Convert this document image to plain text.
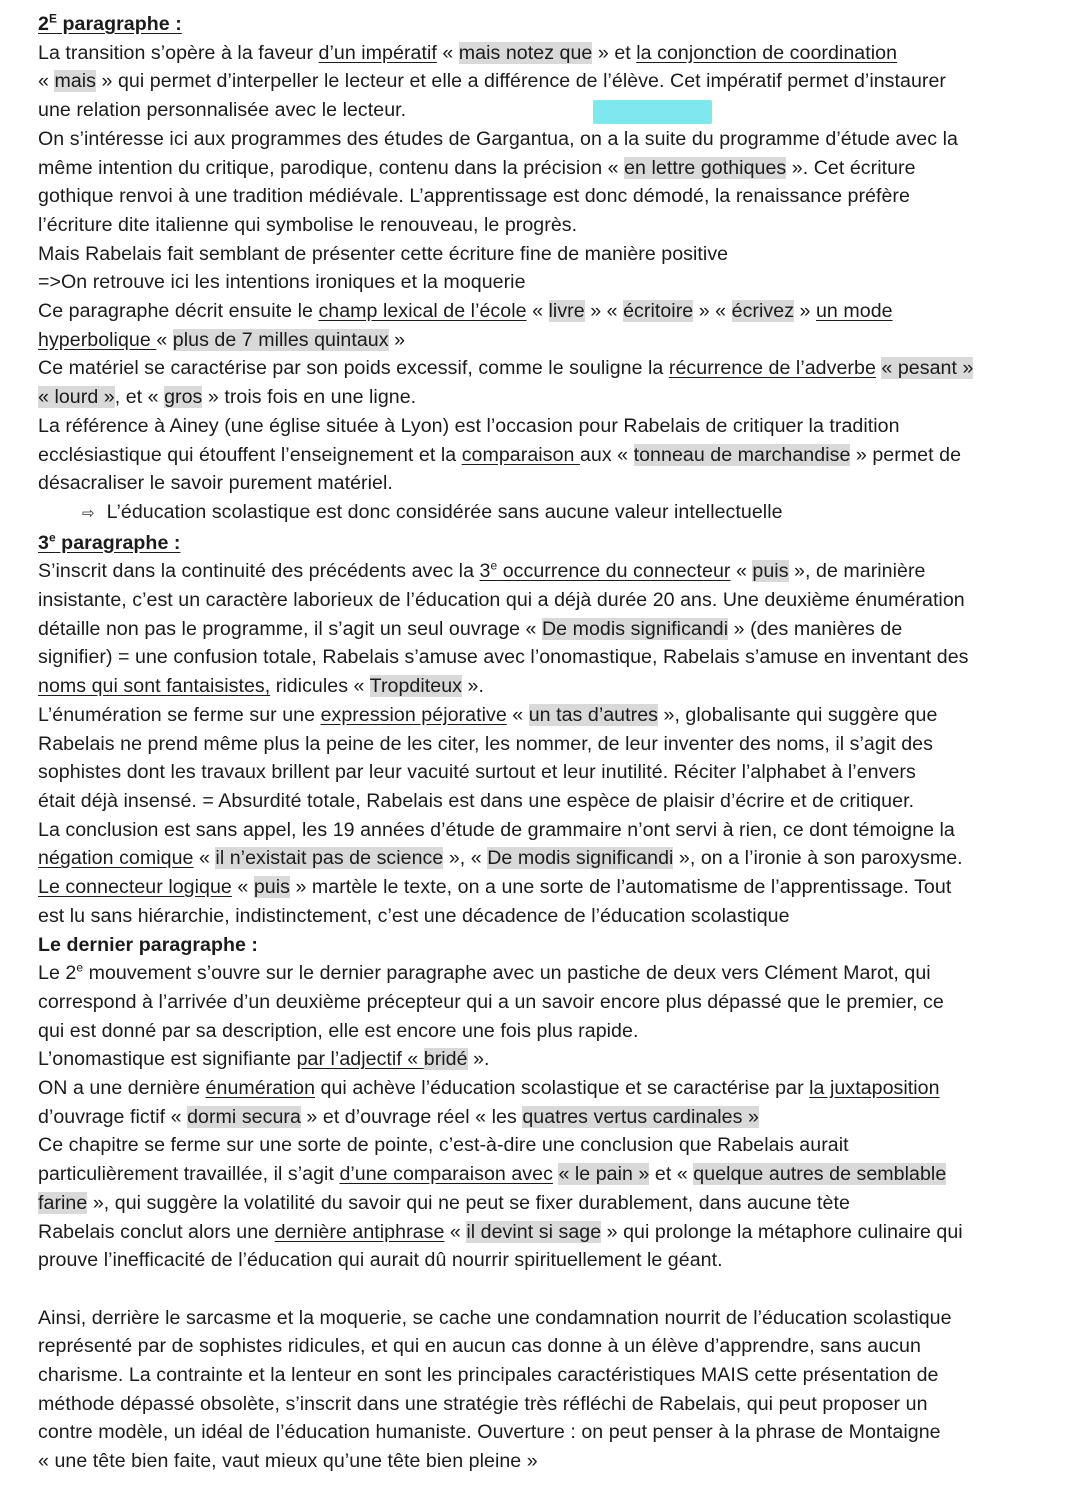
$2^E$ paragraphe :
La transition s’opère à la faveur d’un impératif « mais notez que » et la conjonction de coordination
« mais » qui permet d’interpeller le lecteur et elle a différence de l’élève. Cet impératif permet d’instaurer
une relation personnalisée avec le lecteur.
On s’intéresse ici aux programmes des études de Gargantua, on a la suite du programme d’étude avec la
même intention du critique, parodique, contenu dans la précision « en lettre gothiques ». Cet écriture
gothique renvoi à une tradition médiévale. L’apprentissage est donc démodé, la renaissance préfère
l’écriture dite italienne qui symbolise le renouveau, le progrès.
Mais Rabelais fait semblant de présenter cette écriture fine de manière positive
=>On retrouve ici les intentions ironiques et la moquerie
Ce paragraphe décrit ensuite le champ lexical de l’école « livre » « écritoire » « écrivez » un mode
hyperbolique « plus de 7 milles quintaux »
Ce matériel se caractérise par son poids excessif, comme le souligne la récurrence de l’adverbe « pesant »
« lourd », et « gros » trois fois en une ligne.
La référence à Ainey (une église située à Lyon) est l’occasion pour Rabelais de critiquer la tradition
ecclésiastique qui étouffent l’enseignement et la comparaison aux « tonneau de marchandise » permet de
désacraliser le savoir purement matériel.
⇨ L’éducation scolastique est donc considérée sans aucune valeur intellectuelle
3e paragraphe :
S’inscrit dans la continuité des précédents avec la 3e occurrence du connecteur « puis », de marinière
insistante, c’est un caractère laborieux de l’éducation qui a déjà durée 20 ans. Une deuxième énumération
détaille non pas le programme, il s’agit un seul ouvrage « De modis significandi » (des manières de
signifier) = une confusion totale, Rabelais s’amuse avec l’onomastique, Rabelais s’amuse en inventant des
noms qui sont fantaisistes, ridicules « Tropditeux ».
L’énumération se ferme sur une expression péjorative « un tas d’autres », globalisante qui suggère que
Rabelais ne prend même plus la peine de les citer, les nommer, de leur inventer des noms, il s’agit des
sophistes dont les travaux brillent par leur vacuité surtout et leur inutilité. Réciter l’alphabet à l’envers
était déjà insensé. = Absurdité totale, Rabelais est dans une espèce de plaisir d’écrire et de critiquer.
La conclusion est sans appel, les 19 années d’étude de grammaire n’ont servi à rien, ce dont témoigne la
négation comique « il n’existait pas de science », « De modis significandi », on a l’ironie à son paroxysme.
Le connecteur logique « puis » martèle le texte, on a une sorte de l’automatisme de l’apprentissage. Tout
est lu sans hiérarchie, indistinctement, c’est une décadence de l’éducation scolastique
Le dernier paragraphe :
Le 2e mouvement s’ouvre sur le dernier paragraphe avec un pastiche de deux vers Clément Marot, qui
correspond à l’arrivée d’un deuxième précepteur qui a un savoir encore plus dépassé que le premier, ce
qui est donné par sa description, elle est encore une fois plus rapide.
L’onomastique est signifiante par l’adjectif « bridé ».
ON a une dernière énumération qui achève l’éducation scolastique et se caractérise par la juxtaposition
d’ouvrage fictif « dormi secura » et d’ouvrage réel « les quatres vertus cardinales »
Ce chapitre se ferme sur une sorte de pointe, c’est-à-dire une conclusion que Rabelais aurait
particulièrement travaillée, il s’agit d’une comparaison avec « le pain » et « quelque autres de semblable
farine », qui suggère la volatilité du savoir qui ne peut se fixer durablement, dans aucune tète
Rabelais conclut alors une dernière antiphrase « il devint si sage » qui prolonge la métaphore culinaire qui
prouve l’inefficacité de l’éducation qui aurait dû nourrir spirituellement le géant.
Ainsi, derrière le sarcasme et la moquerie, se cache une condamnation nourrit de l’éducation scolastique
représenté par de sophistes ridicules, et qui en aucun cas donne à un élève d’apprendre, sans aucun
charisme. La contrainte et la lenteur en sont les principales caractéristiques MAIS cette présentation de
méthode dépassé obsolète, s’inscrit dans une stratégie très réfléchi de Rabelais, qui peut proposer un
contre modèle, un idéal de l’éducation humaniste. Ouverture : on peut penser à la phrase de Montaigne
« une tête bien faite, vaut mieux qu’une tête bien pleine »
